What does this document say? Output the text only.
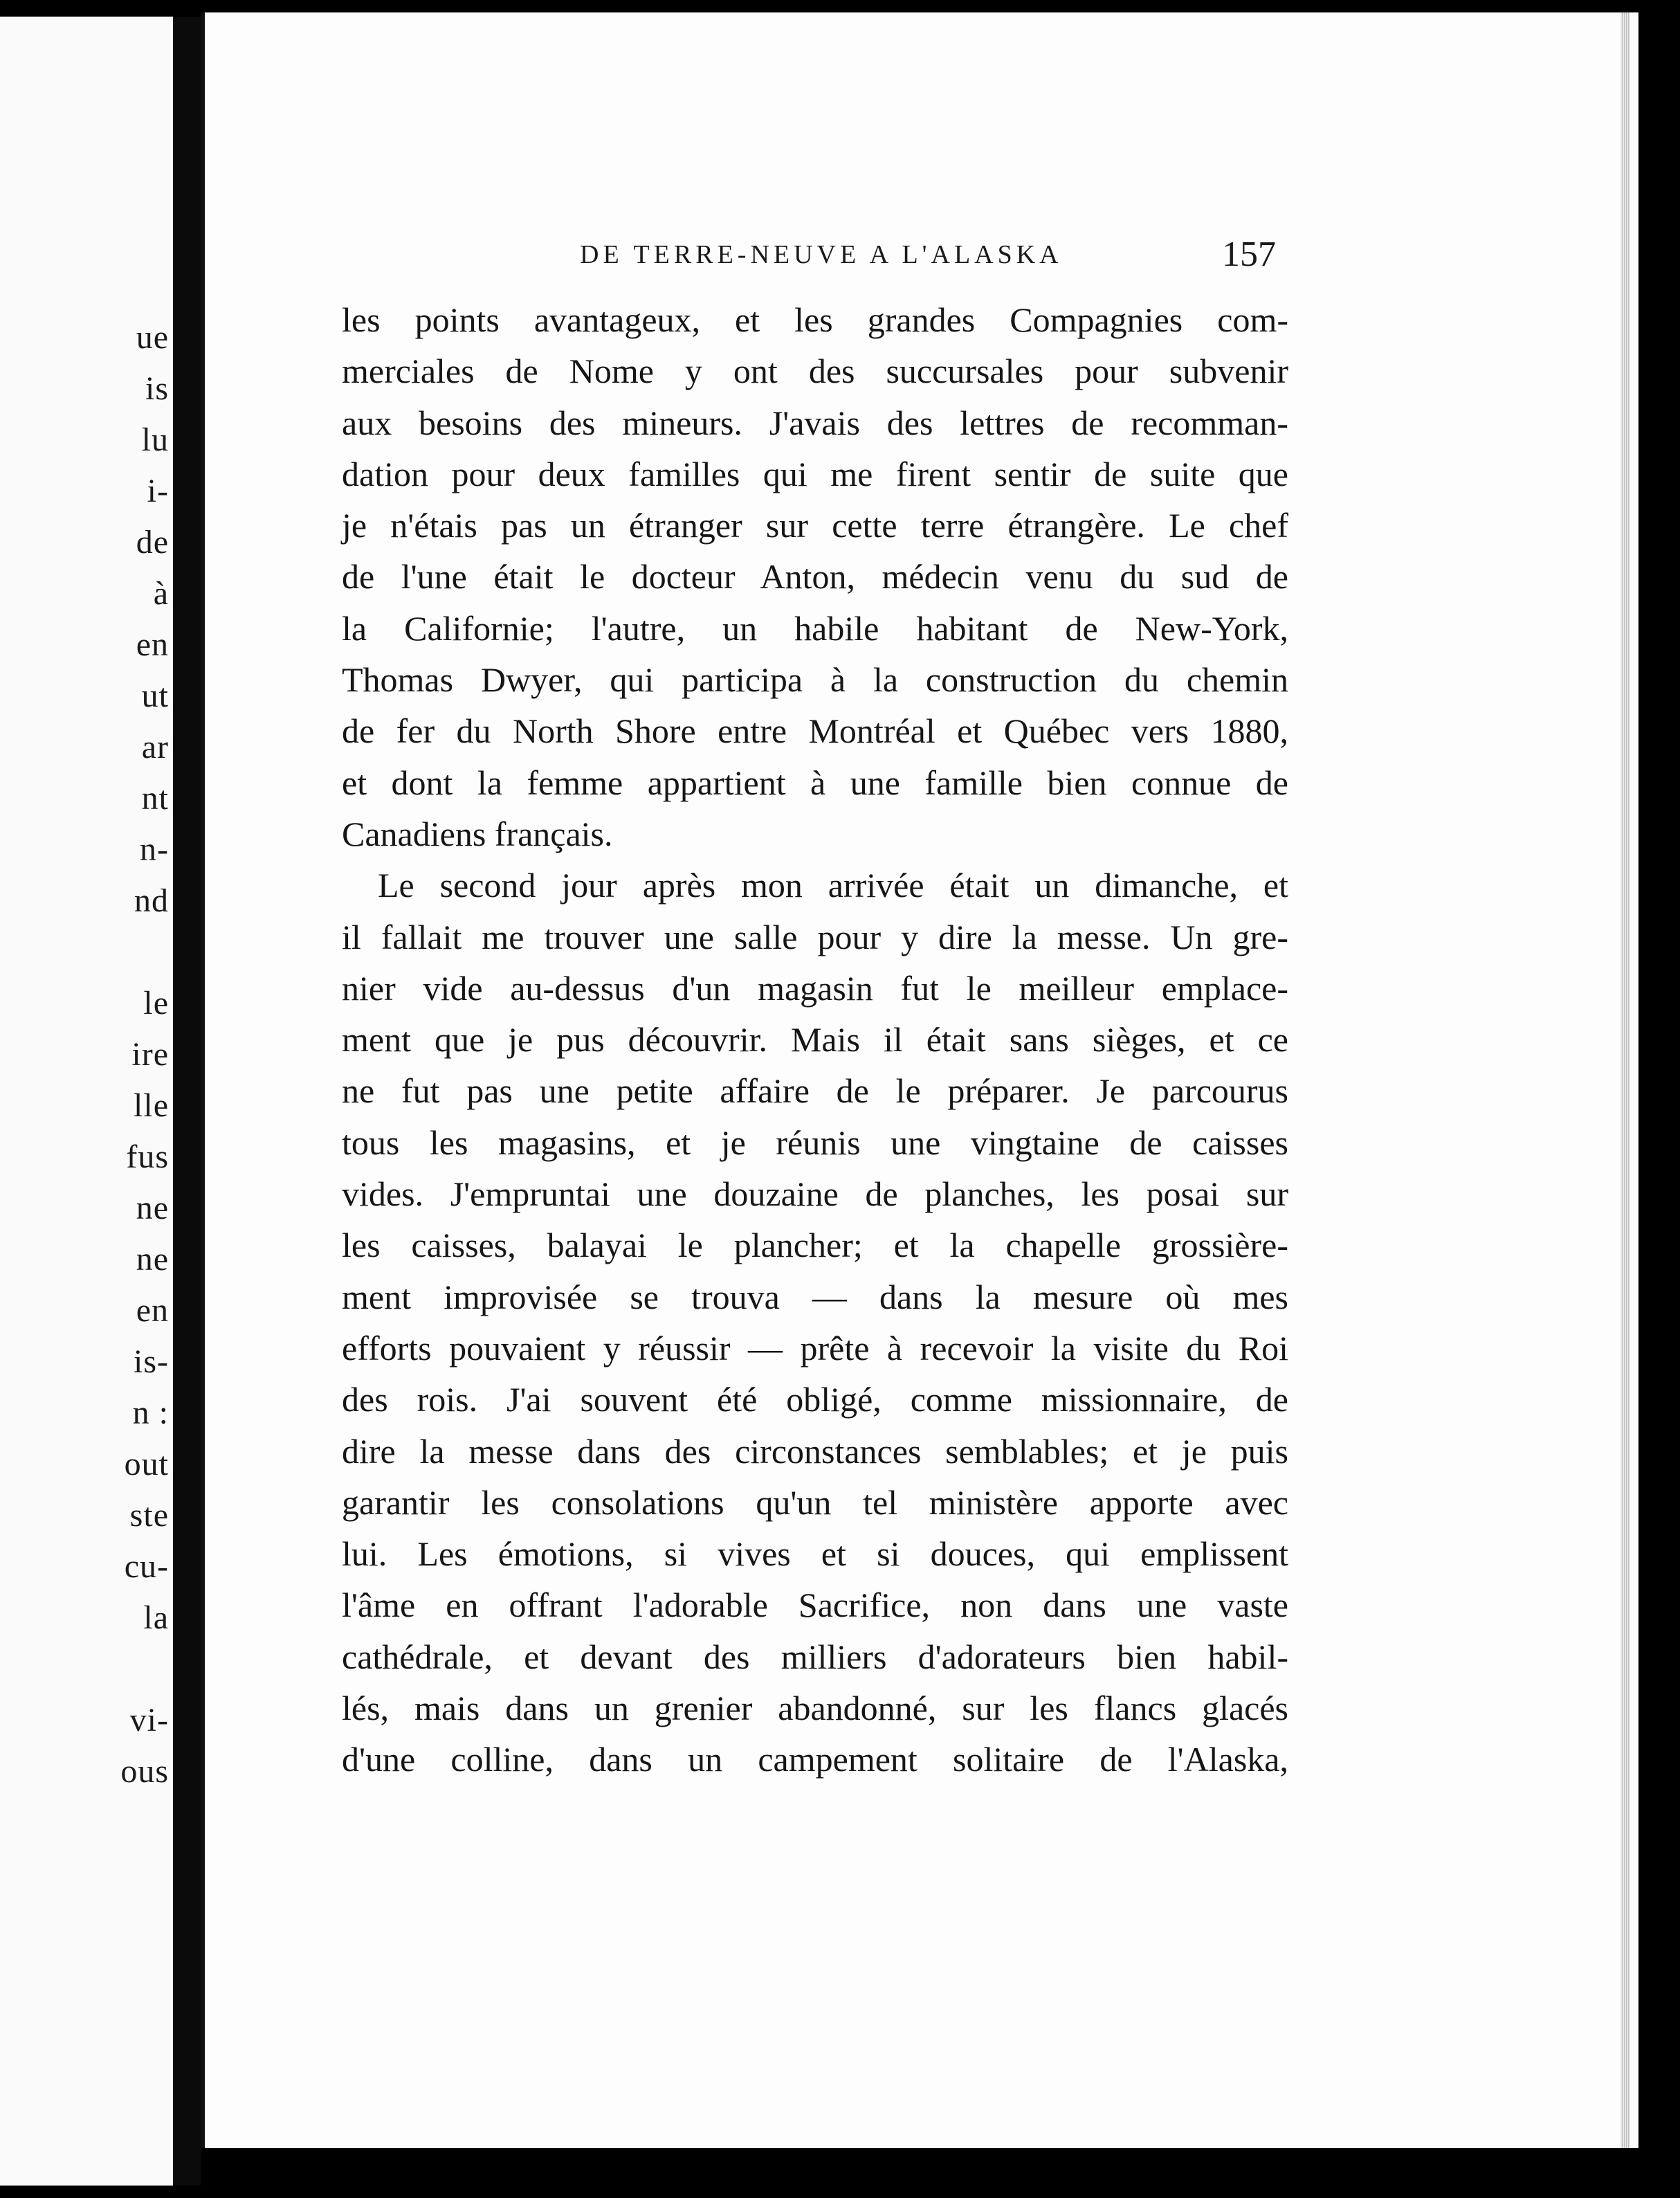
ue
is
lu
i-
de
à
en
ut
ar
nt
n-
nd
le
ire
lle
fus
ne
ne
en
is-
n :
out
ste
cu-
la
vi-
ous
DE TERRE-NEUVE A L'ALASKA	157
les points avantageux, et les grandes Compagnies com-
merciales de Nome y ont des succursales pour subvenir
aux besoins des mineurs. J'avais des lettres de recomman-
dation pour deux familles qui me firent sentir de suite que
je n'étais pas un étranger sur cette terre étrangère. Le chef
de l'une était le docteur Anton, médecin venu du sud de
la Californie; l'autre, un habile habitant de New-York,
Thomas Dwyer, qui participa à la construction du chemin
de fer du North Shore entre Montréal et Québec vers 1880,
et dont la femme appartient à une famille bien connue de
Canadiens français.
Le second jour après mon arrivée était un dimanche, et
il fallait me trouver une salle pour y dire la messe. Un gre-
nier vide au-dessus d'un magasin fut le meilleur emplace-
ment que je pus découvrir. Mais il était sans sièges, et ce
ne fut pas une petite affaire de le préparer. Je parcourus
tous les magasins, et je réunis une vingtaine de caisses
vides. J'empruntai une douzaine de planches, les posai sur
les caisses, balayai le plancher; et la chapelle grossière-
ment improvisée se trouva — dans la mesure où mes
efforts pouvaient y réussir — prête à recevoir la visite du Roi
des rois. J'ai souvent été obligé, comme missionnaire, de
dire la messe dans des circonstances semblables; et je puis
garantir les consolations qu'un tel ministère apporte avec
lui. Les émotions, si vives et si douces, qui emplissent
l'âme en offrant l'adorable Sacrifice, non dans une vaste
cathédrale, et devant des milliers d'adorateurs bien habil-
lés, mais dans un grenier abandonné, sur les flancs glacés
d'une colline, dans un campement solitaire de l'Alaska,
